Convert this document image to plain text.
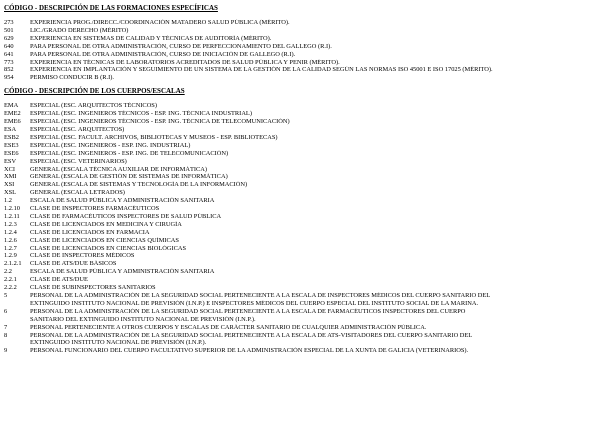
CÓDIGO - DESCRIPCIÓN DE LAS FORMACIONES ESPECÍFICAS
273	EXPERIENCIA PROG./DIRECC./COORDINACIÓN MATADERO SALUD PÚBLICA (MÉRITO).
501	LIC./GRADO DERECHO (MÉRITO)
629	EXPERIENCIA EN SISTEMAS DE CALIDAD Y TÉCNICAS DE AUDITORÍA (MÉRITO).
640	PARA PERSONAL DE OTRA ADMINISTRACIÓN, CURSO DE PERFECCIONAMIENTO DEL GALLEGO (R.I).
641	PARA PERSONAL DE OTRA ADMINISTRACIÓN, CURSO DE INICIACIÓN DE GALLEGO (R.I).
773	EXPERIENCIA EN TÉCNICAS DE LABORATORIOS ACREDITADOS DE SALUD PÚBLICA Y PENIR (MÉRITO).
852	EXPERIENCIA EN IMPLANTACIÓN Y SEGUIMIENTO DE UN SISTEMA DE LA GESTIÓN DE LA CALIDAD SEGÚN LAS NORMAS ISO 45001 E ISO 17025 (MÉRITO).
954	PERMISO CONDUCIR B (R.I).
CÓDIGO - DESCRIPCIÓN DE LOS CUERPOS/ESCALAS
EMA	ESPECIAL (ESC. ARQUITECTOS TÉCNICOS)
EME2	ESPECIAL (ESC. INGENIEROS TÉCNICOS - ESP. ING. TÉCNICA INDUSTRIAL)
EME6	ESPECIAL (ESC. INGENIEROS TÉCNICOS - ESP. ING. TÉCNICA DE TELECOMUNICACIÓN)
ESA	ESPECIAL (ESC. ARQUITECTOS)
ESB2	ESPECIAL (ESC. FACULT. ARCHIVOS, BIBLIOTECAS Y MUSEOS - ESP. BIBLIOTECAS)
ESE3	ESPECIAL (ESC. INGENIEROS - ESP. ING. INDUSTRIAL)
ESE6	ESPECIAL (ESC. INGENIEROS - ESP. ING. DE TELECOMUNICACIÓN)
ESV	ESPECIAL (ESC. VETERINARIOS)
XCI	GENERAL (ESCALA TÉCNICA AUXILIAR DE INFORMÁTICA)
XMI	GENERAL (ESCALA DE GESTIÓN DE SISTEMAS DE INFORMÁTICA)
XSI	GENERAL (ESCALA DE SISTEMAS Y TECNOLOGÍA DE LA INFORMACIÓN)
XSL	GENERAL (ESCALA LETRADOS)
1.2	ESCALA DE SALUD PÚBLICA Y ADMINISTRACIÓN SANITARIA
1.2.10	CLASE DE INSPECTORES FARMACÉUTICOS
1.2.11	CLASE DE FARMACÉUTICOS INSPECTORES DE SALUD PÚBLICA
1.2.3	CLASE DE LICENCIADOS EN MEDICINA Y CIRUGÍA
1.2.4	CLASE DE LICENCIADOS EN FARMACIA
1.2.6	CLASE DE LICENCIADOS EN CIENCIAS QUÍMICAS
1.2.7	CLASE DE LICENCIADOS EN CIENCIAS BIOLÓGICAS
1.2.9	CLASE DE INSPECTORES MÉDICOS
2.1.2.1	CLASE DE ATS/DUE BÁSICOS
2.2	ESCALA DE SALUD PÚBLICA Y ADMINISTRACIÓN SANITARIA
2.2.1	CLASE DE ATS/DUE
2.2.2	CLASE DE SUBINSPECTORES SANITARIOS
5	PERSONAL DE LA ADMINISTRACIÓN DE LA SEGURIDAD SOCIAL PERTENECIENTE A LA ESCALA DE INSPECTORES MÉDICOS DEL CUERPO SANITARIO DEL
EXTINGUIDO INSTITUTO NACIONAL DE PREVISIÓN (I.N.P.) E INSPECTORES MÉDICOS DEL CUERPO ESPECIAL DEL INSTITUTO SOCIAL DE LA MARINA.
6	PERSONAL DE LA ADMINISTRACIÓN DE LA SEGURIDAD SOCIAL PERTENECIENTE A LA ESCALA DE FARMACÉUTICOS INSPECTORES DEL CUERPO
SANITARIO DEL EXTINGUIDO INSTITUTO NACIONAL DE PREVISIÓN (I.N.P.).
7	PERSONAL PERTENECIENTE A OTROS CUERPOS Y ESCALAS DE CARÁCTER SANITARIO DE CUALQUIER ADMINISTRACIÓN PÚBLICA.
8	PERSONAL DE LA ADMINISTRACIÓN DE LA SEGURIDAD SOCIAL PERTENECIENTE A LA ESCALA DE ATS-VISITADORES DEL CUERPO SANITARIO DEL
EXTINGUIDO INSTITUTO NACIONAL DE PREVISIÓN (I.N.P.).
9	PERSONAL FUNCIONARIO DEL CUERPO FACULTATIVO SUPERIOR DE LA ADMINISTRACIÓN ESPECIAL DE LA XUNTA DE GALICIA (VETERINARIOS).
